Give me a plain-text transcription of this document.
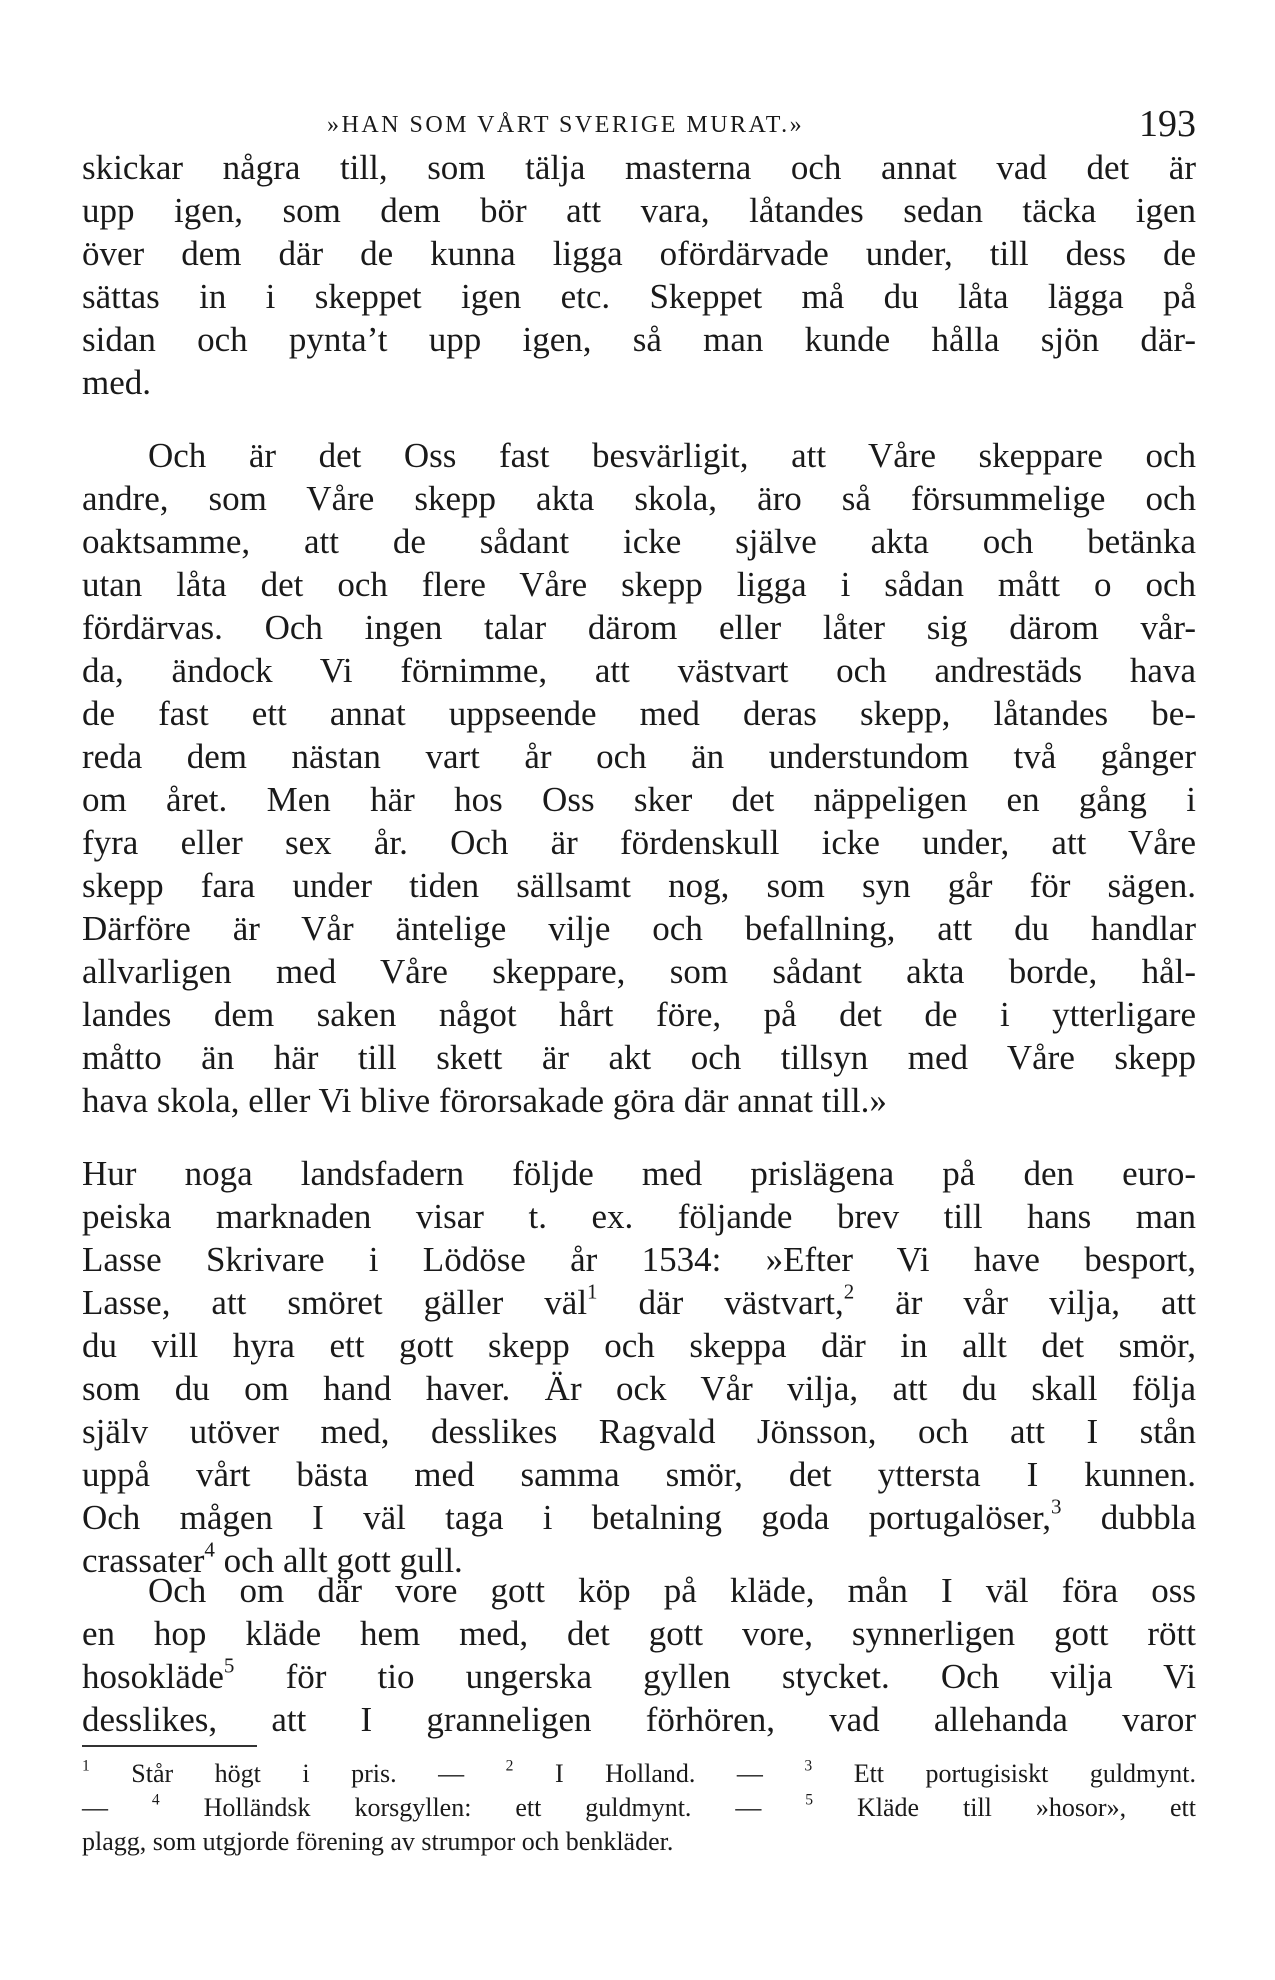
»HAN SOM VÅRT SVERIGE MURAT.»	193
skickar några till, som tälja masterna och annat vad det är
upp igen, som dem bör att vara, låtandes sedan täcka igen
över dem där de kunna ligga ofördärvade under, till dess de
sättas in i skeppet igen etc. Skeppet må du låta lägga på
sidan och pynta’t upp igen, så man kunde hålla sjön där-
med.
Och är det Oss fast besvärligit, att Våre skeppare och
andre, som Våre skepp akta skola, äro så försummelige och
oaktsamme, att de sådant icke själve akta och betänka
utan låta det och flere Våre skepp ligga i sådan mått o och
fördärvas. Och ingen talar därom eller låter sig därom vår-
da, ändock Vi förnimme, att västvart och andrestäds hava
de fast ett annat uppseende med deras skepp, låtandes be-
reda dem nästan vart år och än understundom två gånger
om året. Men här hos Oss sker det näppeligen en gång i
fyra eller sex år. Och är fördenskull icke under, att Våre
skepp fara under tiden sällsamt nog, som syn går för sägen.
Därföre är Vår äntelige vilje och befallning, att du handlar
allvarligen med Våre skeppare, som sådant akta borde, hål-
landes dem saken något hårt före, på det de i ytterligare
måtto än här till skett är akt och tillsyn med Våre skepp
hava skola, eller Vi blive förorsakade göra där annat till.»
Hur noga landsfadern följde med prislägena på den euro-
peiska marknaden visar t. ex. följande brev till hans man
Lasse Skrivare i Lödöse år 1534: »Efter Vi have besport,
Lasse, att smöret gäller väl$^1$ där västvart,$^2$ är vår vilja, att
du vill hyra ett gott skepp och skeppa där in allt det smör,
som du om hand haver. Är ock Vår vilja, att du skall följa
själv utöver med, desslikes Ragvald Jönsson, och att I stån
uppå vårt bästa med samma smör, det yttersta I kunnen.
Och mågen I väl taga i betalning goda portugalöser,$^3$ dubbla
crassater$^4$ och allt gott gull.
Och om där vore gott köp på kläde, mån I väl föra oss
en hop kläde hem med, det gott vore, synnerligen gott rött
hosokläde$^5$ för tio ungerska gyllen stycket. Och vilja Vi
desslikes, att I granneligen förhören, vad allehanda varor
$^1$ Står högt i pris. — $^2$ I Holland. — $^3$ Ett portugisiskt guldmynt.
— $^4$ Holländsk korsgyllen: ett guldmynt. — $^5$ Kläde till »hosor», ett
plagg, som utgjorde förening av strumpor och benkläder.
